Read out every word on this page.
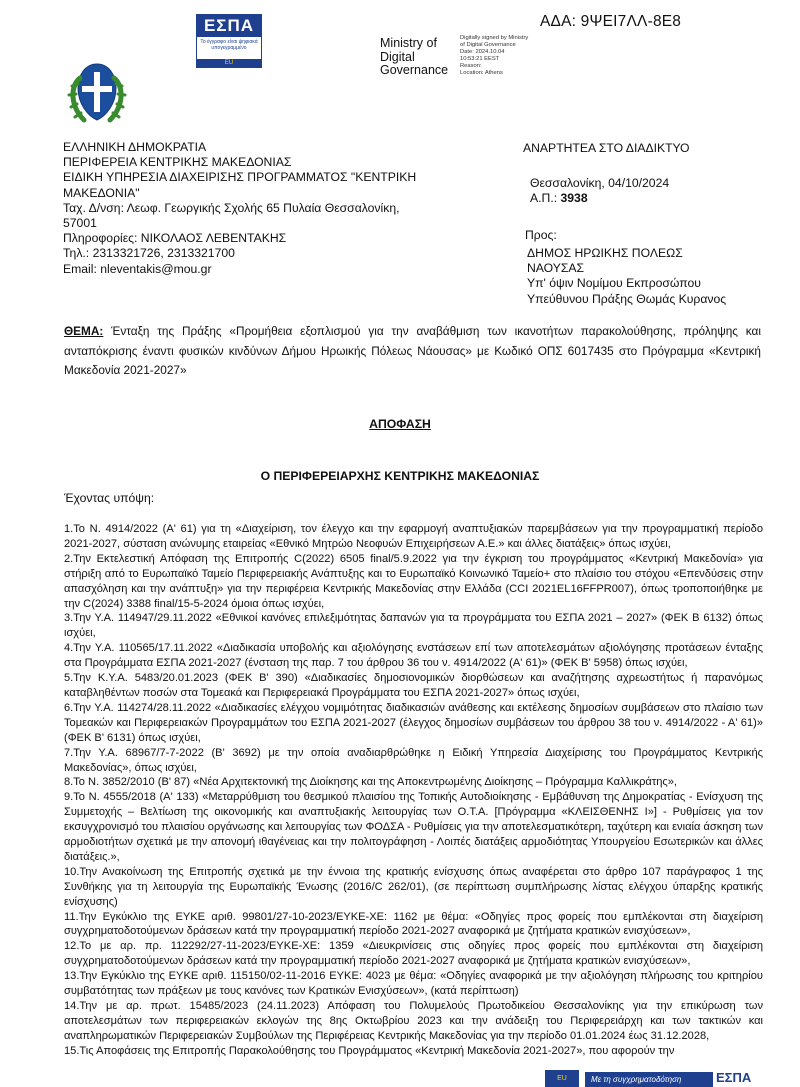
ΕΣΠΑ
Το έγγραφο είναι ψηφιακά υπογεγραμμένο
EU
ΑΔΑ: 9ΨΕΙ7ΛΛ-8Ε8
Ministry of
Digital
Governance
Digitally signed by Ministry
of Digital Governance
Date: 2024.10.04
10:53:21 EEST
Reason:
Location: Athens
ΕΛΛΗΝΙΚΗ ΔΗΜΟΚΡΑΤΙΑ
ΠΕΡΙΦΕΡΕΙΑ ΚΕΝΤΡΙΚΗΣ ΜΑΚΕΔΟΝΙΑΣ
ΕΙΔΙΚΗ ΥΠΗΡΕΣΙΑ ΔΙΑΧΕΙΡΙΣΗΣ ΠΡΟΓΡΑΜΜΑΤΟΣ "ΚΕΝΤΡΙΚΗ
ΜΑΚΕΔΟΝΙΑ"
Ταχ. Δ/νση: Λεωφ. Γεωργικής Σχολής 65 Πυλαία Θεσσαλονίκη,
57001
Πληροφορίες: ΝΙΚΟΛΑΟΣ ΛΕΒΕΝΤΑΚΗΣ
Τηλ.: 2313321726, 2313321700
Email: nleventakis@mou.gr
ΑΝΑΡΤΗΤΕΑ ΣΤΟ ΔΙΑΔΙΚΤΥΟ
Θεσσαλονίκη, 04/10/2024
Α.Π.: 3938
Προς:
ΔΗΜΟΣ ΗΡΩΙΚΗΣ ΠΟΛΕΩΣ
ΝΑΟΥΣΑΣ
Υπ' όψιν Νομίμου Εκπροσώπου
Υπεύθυνου Πράξης Θωμάς Κυρανος
ΘΕΜΑ: Ένταξη της Πράξης «Προμήθεια εξοπλισμού για την αναβάθμιση των ικανοτήτων παρακολούθησης, πρόληψης και ανταπόκρισης έναντι φυσικών κινδύνων Δήμου Ηρωικής Πόλεως Νάουσας» με Κωδικό ΟΠΣ 6017435 στο Πρόγραμμα «Κεντρική Μακεδονία 2021-2027»
ΑΠΟΦΑΣΗ
Ο ΠΕΡΙΦΕΡΕΙΑΡΧΗΣ ΚΕΝΤΡΙΚΗΣ ΜΑΚΕΔΟΝΙΑΣ
Έχοντας υπόψη:

1.Το Ν. 4914/2022 (Α' 61) για τη «Διαχείριση, τον έλεγχο και την εφαρμογή αναπτυξιακών παρεμβάσεων για την προγραμματική περίοδο 2021-2027, σύσταση ανώνυμης εταιρείας «Εθνικό Μητρώο Νεοφυών Επιχειρήσεων Α.Ε.» και άλλες διατάξεις» όπως ισχύει,

2.Την Εκτελεστική Απόφαση της Επιτροπής C(2022) 6505 final/5.9.2022 για την έγκριση του προγράμματος «Κεντρική Μακεδονία» για στήριξη από το Ευρωπαϊκό Ταμείο Περιφερειακής Ανάπτυξης και το Ευρωπαϊκό Κοινωνικό Ταμείο+ στο πλαίσιο του στόχου «Επενδύσεις στην απασχόληση και την ανάπτυξη» για την περιφέρεια Κεντρικής Μακεδονίας στην Ελλάδα (CCI 2021EL16FFPR007), όπως τροποποιήθηκε με την C(2024) 3388 final/15-5-2024 όμοια όπως ισχύει,

3.Την Υ.Α. 114947/29.11.2022 «Εθνικοί κανόνες επιλεξιμότητας δαπανών για τα προγράμματα του ΕΣΠΑ 2021 – 2027» (ΦΕΚ Β 6132) όπως ισχύει,

4.Την Υ.Α. 110565/17.11.2022 «Διαδικασία υποβολής και αξιολόγησης ενστάσεων επί των αποτελεσμάτων αξιολόγησης προτάσεων ένταξης στα Προγράμματα ΕΣΠΑ 2021-2027 (ένσταση της παρ. 7 του άρθρου 36 του ν. 4914/2022 (Α' 61)» (ΦΕΚ Β' 5958) όπως ισχύει,

5.Την Κ.Υ.Α. 5483/20.01.2023 (ΦΕΚ Β' 390) «Διαδικασίες δημοσιονομικών διορθώσεων και αναζήτησης αχρεωστήτως ή παρανόμως καταβληθέντων ποσών στα Τομεακά και Περιφερειακά Προγράμματα του ΕΣΠΑ 2021-2027» όπως ισχύει,

6.Την Υ.Α. 114274/28.11.2022 «Διαδικασίες ελέγχου νομιμότητας διαδικασιών ανάθεσης και εκτέλεσης δημοσίων συμβάσεων στο πλαίσιο των Τομεακών και Περιφερειακών Προγραμμάτων του ΕΣΠΑ 2021-2027 (έλεγχος δημοσίων συμβάσεων του άρθρου 38 του ν. 4914/2022 - Α' 61)» (ΦΕΚ Β' 6131) όπως ισχύει,

7.Την Υ.Α. 68967/7-7-2022 (Β' 3692) με την οποία αναδιαρθρώθηκε η Ειδική Υπηρεσία Διαχείρισης του Προγράμματος Κεντρικής Μακεδονίας», όπως ισχύει,

8.Το Ν. 3852/2010 (Β' 87) «Νέα Αρχιτεκτονική της Διοίκησης και της Αποκεντρωμένης Διοίκησης – Πρόγραμμα Καλλικράτης»,

9.Το Ν. 4555/2018 (Α' 133) «Μεταρρύθμιση του θεσμικού πλαισίου της Τοπικής Αυτοδιοίκησης - Εμβάθυνση της Δημοκρατίας - Ενίσχυση της Συμμετοχής – Βελτίωση της οικονομικής και αναπτυξιακής λειτουργίας των Ο.Τ.Α. [Πρόγραμμα «ΚΛΕΙΣΘΕΝΗΣ Ι»] - Ρυθμίσεις για τον εκσυγχρονισμό του πλαισίου οργάνωσης και λειτουργίας των ΦΟΔΣΑ - Ρυθμίσεις για την αποτελεσματικότερη, ταχύτερη και ενιαία άσκηση των αρμοδιοτήτων σχετικά με την απονομή ιθαγένειας και την πολιτογράφηση - Λοιπές διατάξεις αρμοδιότητας Υπουργείου Εσωτερικών και άλλες διατάξεις.»,

10.Την Ανακοίνωση της Επιτροπής σχετικά με την έννοια της κρατικής ενίσχυσης όπως αναφέρεται στο άρθρο 107 παράγραφος 1 της Συνθήκης για τη λειτουργία της Ευρωπαϊκής Ένωσης (2016/C 262/01), (σε περίπτωση συμπλήρωσης λίστας ελέγχου ύπαρξης κρατικής ενίσχυσης)

11.Την Εγκύκλιο της ΕΥΚΕ αριθ. 99801/27-10-2023/ΕΥΚΕ-ΧΕ: 1162 με θέμα: «Οδηγίες προς φορείς που εμπλέκονται στη διαχείριση συγχρηματοδοτούμενων δράσεων κατά την προγραμματική περίοδο 2021-2027 αναφορικά με ζητήματα κρατικών ενισχύσεων»,

12.Το με αρ. πρ. 112292/27-11-2023/ΕΥΚΕ-ΧΕ: 1359 «Διευκρινίσεις στις οδηγίες προς φορείς που εμπλέκονται στη διαχείριση συγχρηματοδοτούμενων δράσεων κατά την προγραμματική περίοδο 2021-2027 αναφορικά με ζητήματα κρατικών ενισχύσεων»,

13.Την Εγκύκλιο της ΕΥΚΕ αριθ. 115150/02-11-2016 ΕΥΚΕ: 4023 με θέμα: «Οδηγίες αναφορικά με την αξιολόγηση πλήρωσης του κριτηρίου συμβατότητας των πράξεων με τους κανόνες των Κρατικών Ενισχύσεων», (κατά περίπτωση)

14.Την με αρ. πρωτ. 15485/2023 (24.11.2023) Απόφαση του Πολυμελούς Πρωτοδικείου Θεσσαλονίκης για την επικύρωση των αποτελεσμάτων των περιφερειακών εκλογών της 8ης Οκτωβρίου 2023 και την ανάδειξη του Περιφερειάρχη και των τακτικών και αναπληρωματικών Περιφερειακών Συμβούλων της Περιφέρειας Κεντρικής Μακεδονίας για την περίοδο 01.01.2024 έως 31.12.2028,

15.Τις Αποφάσεις της Επιτροπής Παρακολούθησης του Προγράμματος «Κεντρική Μακεδονία 2021-2027», που αφορούν την

EU	Με τη συγχρηματοδότηση	ΕΣΠΑ
